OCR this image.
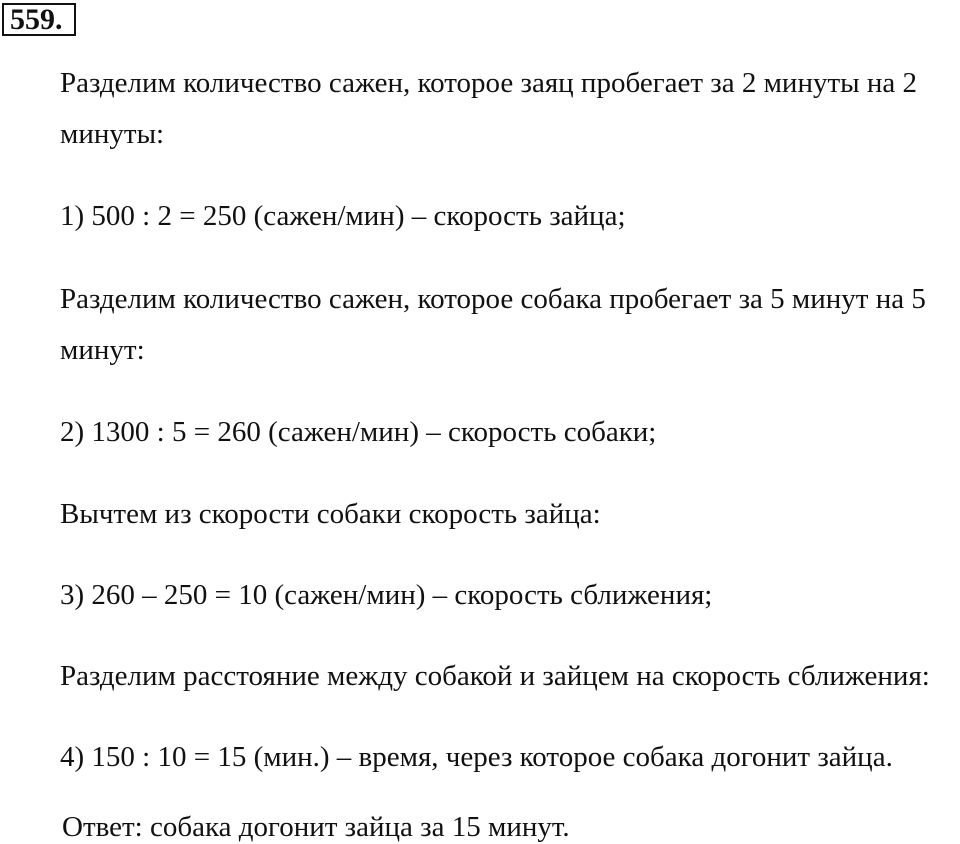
559.
Разделим количество сажен, которое заяц пробегает за 2 минуты на 2
минуты:
1) 500 : 2 = 250 (сажен/мин) – скорость зайца;
Разделим количество сажен, которое собака пробегает за 5 минут на 5
минут:
2) 1300 : 5 = 260 (сажен/мин) – скорость собаки;
Вычтем из скорости собаки скорость зайца:
3) 260 – 250 = 10 (сажен/мин) – скорость сближения;
Разделим расстояние между собакой и зайцем на скорость сближения:
4) 150 : 10 = 15 (мин.) – время, через которое собака догонит зайца.
Ответ: собака догонит зайца за 15 минут.
